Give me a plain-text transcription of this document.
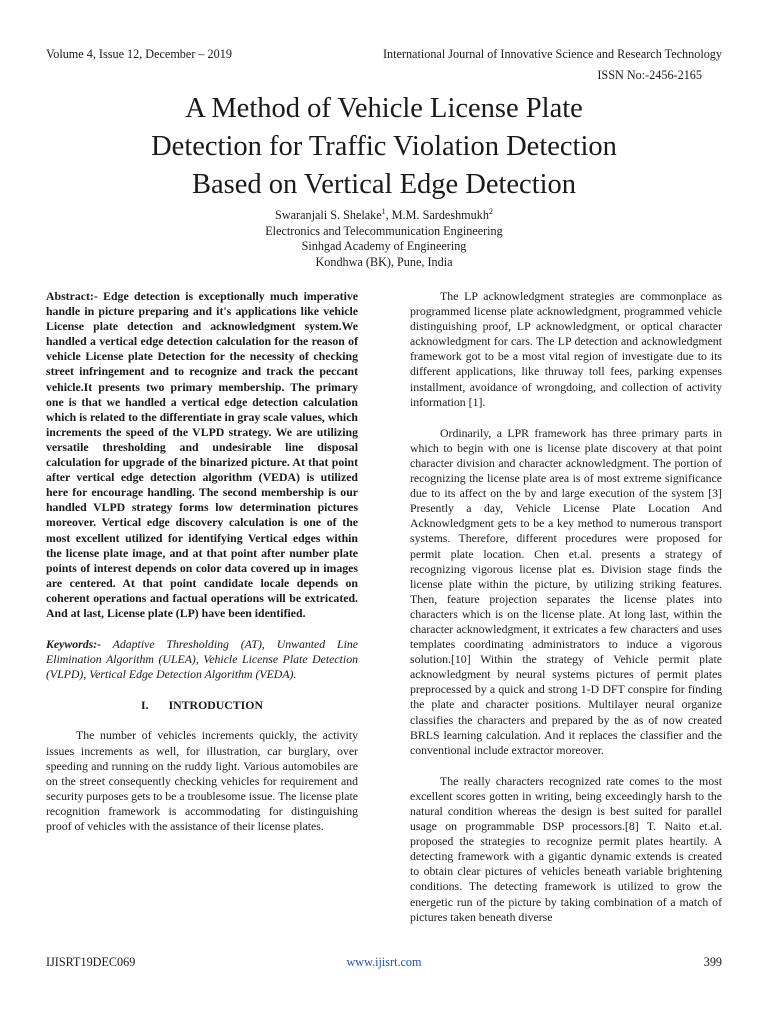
Volume 4, Issue 12, December – 2019	International Journal of Innovative Science and Research Technology
ISSN No:-2456-2165
A Method of Vehicle License Plate
Detection for Traffic Violation Detection
Based on Vertical Edge Detection
Swaranjali S. Shelake$^1$, M.M. Sardeshmukh$^2$
Electronics and Telecommunication Engineering
Sinhgad Academy of Engineering
Kondhwa (BK), Pune, India

Abstract:- Edge detection is exceptionally much imperative handle in picture preparing and it's applications like vehicle License plate detection and acknowledgment system.We handled a vertical edge detection calculation for the reason of vehicle License plate Detection for the necessity of checking street infringement and to recognize and track the peccant vehicle.It presents two primary membership. The primary one is that we handled a vertical edge detection calculation which is related to the differentiate in gray scale values, which increments the speed of the VLPD strategy. We are utilizing versatile thresholding and undesirable line disposal calculation for upgrade of the binarized picture. At that point after vertical edge detection algorithm (VEDA) is utilized here for encourage handling. The second membership is our handled VLPD strategy forms low determination pictures moreover. Vertical edge discovery calculation is one of the most excellent utilized for identifying Vertical edges within the license plate image, and at that point after number plate points of interest depends on color data covered up in images are centered. At that point candidate locale depends on coherent operations and factual operations will be extricated. And at last, License plate (LP) have been identified.

Keywords:- Adaptive Thresholding (AT), Unwanted Line Elimination Algorithm (ULEA), Vehicle License Plate Detection (VLPD), Vertical Edge Detection Algorithm (VEDA).

I. INTRODUCTION

The number of vehicles increments quickly, the activity issues increments as well, for illustration, car burglary, over speeding and running on the ruddy light. Various automobiles are on the street consequently checking vehicles for requirement and security purposes gets to be a troublesome issue. The license plate recognition framework is accommodating for distinguishing proof of vehicles with the assistance of their license plates.

The LP acknowledgment strategies are commonplace as programmed license plate acknowledgment, programmed vehicle distinguishing proof, LP acknowledgment, or optical character acknowledgment for cars. The LP detection and acknowledgment framework got to be a most vital region of investigate due to its different applications, like thruway toll fees, parking expenses installment, avoidance of wrongdoing, and collection of activity information [1].

Ordinarily, a LPR framework has three primary parts in which to begin with one is license plate discovery at that point character division and character acknowledgment. The portion of recognizing the license plate area is of most extreme significance due to its affect on the by and large execution of the system [3] Presently a day, Vehicle License Plate Location And Acknowledgment gets to be a key method to numerous transport systems. Therefore, different procedures were proposed for permit plate location. Chen et.al. presents a strategy of recognizing vigorous license plat es. Division stage finds the license plate within the picture, by utilizing striking features. Then, feature projection separates the license plates into characters which is on the license plate. At long last, within the character acknowledgment, it extricates a few characters and uses templates coordinating administrators to induce a vigorous solution.[10] Within the strategy of Vehicle permit plate acknowledgment by neural systems pictures of permit plates preprocessed by a quick and strong 1-D DFT conspire for finding the plate and character positions. Multilayer neural organize classifies the characters and prepared by the as of now created BRLS learning calculation. And it replaces the classifier and the conventional include extractor moreover.

The really characters recognized rate comes to the most excellent scores gotten in writing, being exceedingly harsh to the natural condition whereas the design is best suited for parallel usage on programmable DSP processors.[8] T. Naito et.al. proposed the strategies to recognize permit plates heartily. A detecting framework with a gigantic dynamic extends is created to obtain clear pictures of vehicles beneath variable brightening conditions. The detecting framework is utilized to grow the energetic run of the picture by taking combination of a match of pictures taken beneath diverse

IJISRT19DEC069	www.ijisrt.com	399
